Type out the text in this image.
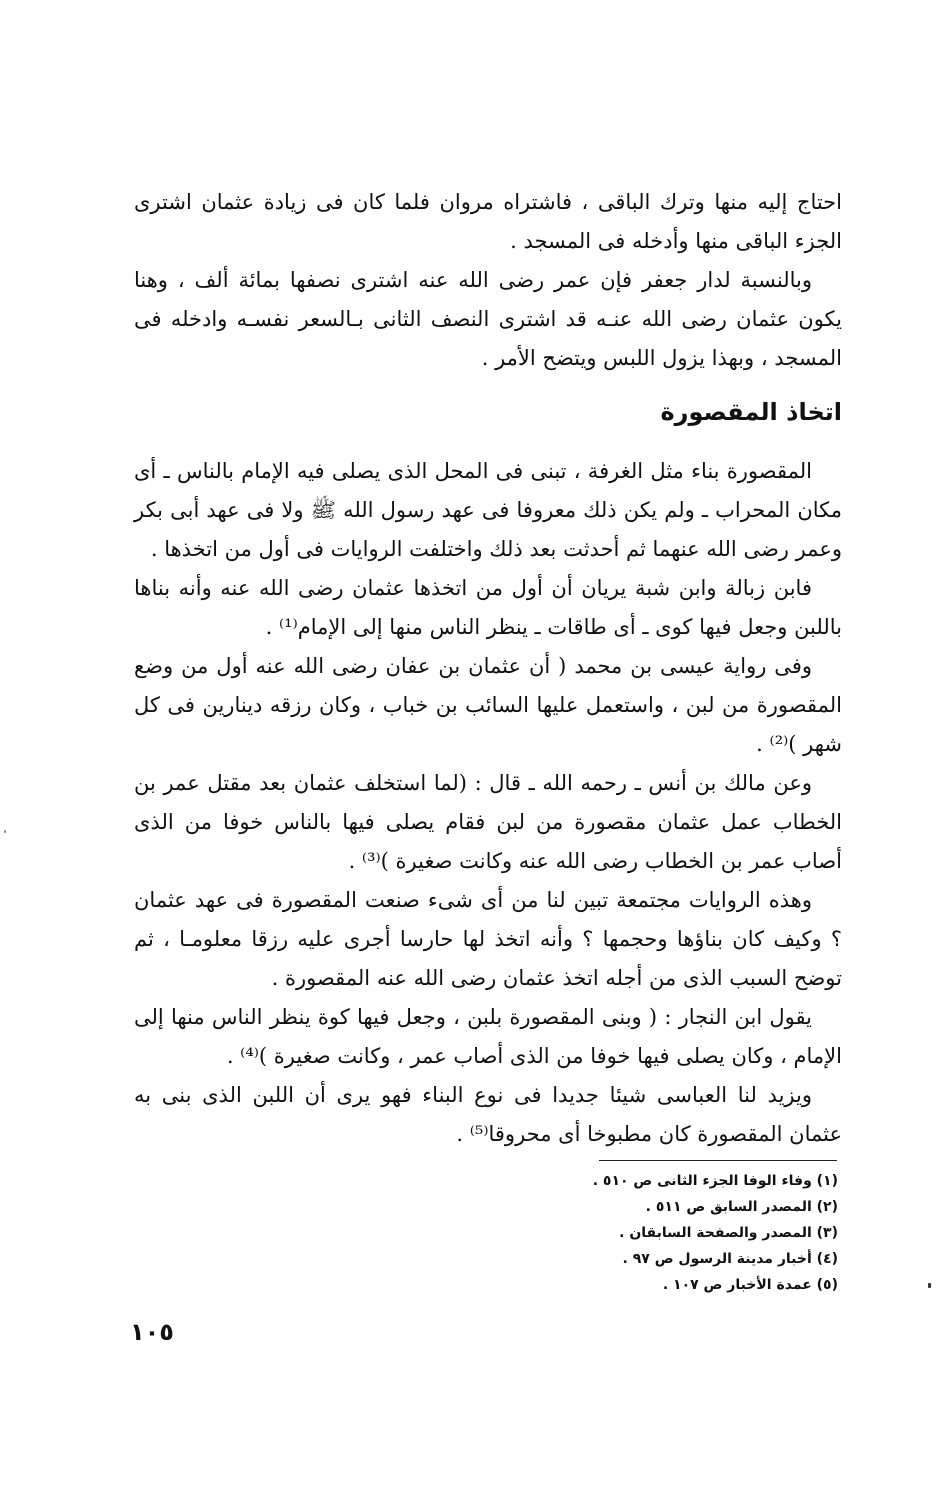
احتاج إليه منها وترك الباقى ، فاشتراه مروان فلما كان فى زيادة عثمان اشترى الجزء الباقى منها وأدخله فى المسجد .

وبالنسبة لدار جعفر فإن عمر رضى الله عنه اشترى نصفها بمائة ألف ، وهنا يكون عثمان رضى الله عنـه قد اشترى النصف الثانى بـالسعر نفسـه وادخله فى المسجد ، وبهذا يزول اللبس ويتضح الأمر .

اتخاذ المقصورة

المقصورة بناء مثل الغرفة ، تبنى فى المحل الذى يصلى فيه الإمام بالناس ـ أى مكان المحراب ـ ولم يكن ذلك معروفا فى عهد رسول الله ﷺ ولا فى عهد أبى بكر وعمر رضى الله عنهما ثم أحدثت بعد ذلك واختلفت الروايات فى أول من اتخذها .

فابن زبالة وابن شبة يريان أن أول من اتخذها عثمان رضى الله عنه وأنه بناها باللبن وجعل فيها كوى ـ أى طاقات ـ ينظر الناس منها إلى الإمام⁽¹⁾ .

وفى رواية عيسى بن محمد ( أن عثمان بن عفان رضى الله عنه أول من وضع المقصورة من لبن ، واستعمل عليها السائب بن خباب ، وكان رزقه دينارين فى كل شهر )⁽²⁾ .

وعن مالك بن أنس ـ رحمه الله ـ قال : (لما استخلف عثمان بعد مقتل عمر بن الخطاب عمل عثمان مقصورة من لبن فقام يصلى فيها بالناس خوفا من الذى أصاب عمر بن الخطاب رضى الله عنه وكانت صغيرة )⁽³⁾ .

وهذه الروايات مجتمعة تبين لنا من أى شىء صنعت المقصورة فى عهد عثمان ؟ وكيف كان بناؤها وحجمها ؟ وأنه اتخذ لها حارسا أجرى عليه رزقا معلومـا ، ثم توضح السبب الذى من أجله اتخذ عثمان رضى الله عنه المقصورة .

يقول ابن النجار : ( وبنى المقصورة بلبن ، وجعل فيها كوة ينظر الناس منها إلى الإمام ، وكان يصلى فيها خوفا من الذى أصاب عمر ، وكانت صغيرة )⁽⁴⁾ .

ويزيد لنا العباسى شيئا جديدا فى نوع البناء فهو يرى أن اللبن الذى بنى به عثمان المقصورة كان مطبوخا أى محروقا⁽⁵⁾ .

(١) وفاء الوفا الجزء الثانى ص ٥١٠ .
(٢) المصدر السابق ص ٥١١ .
(٣) المصدر والصفحة السابقان .
(٤) أخبار مدينة الرسول ص ٩٧ .
(٥) عمدة الأخبار ص ١٠٧ .
١٠٥
